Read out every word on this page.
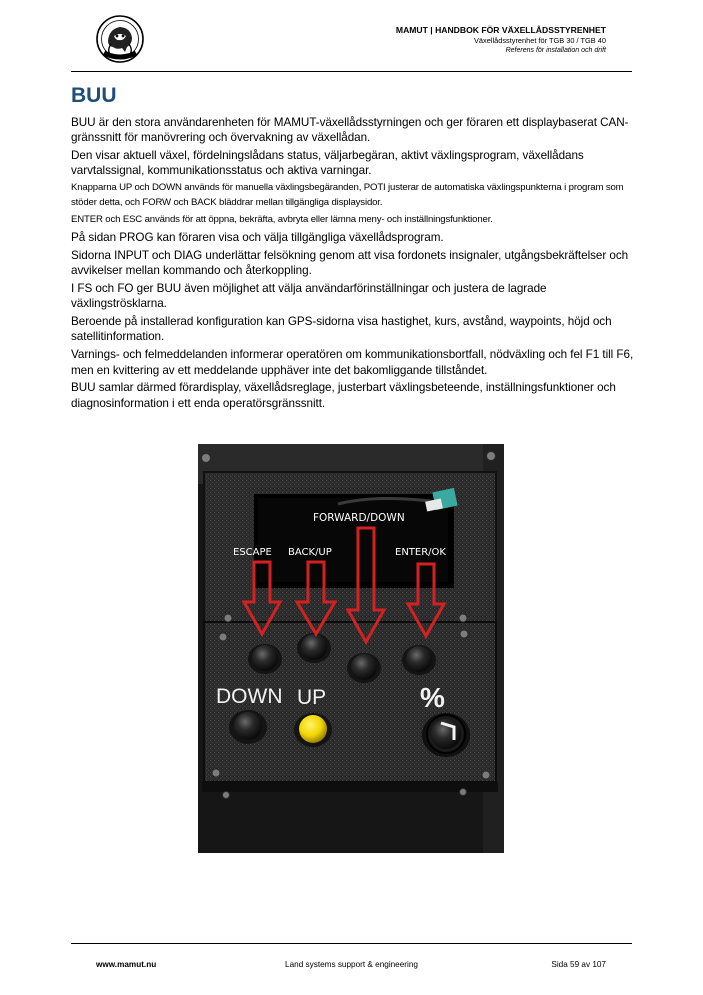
MAMUT | HANDBOK FÖR VÄXELLÅDSSTYRENHET
Växellådsstyrenhet för TGB 30 / TGB 40
Referens för installation och drift
BUU

BUU är den stora användarenheten för MAMUT-växellådsstyrningen och ger föraren ett displaybaserat CAN-gränssnitt för manövrering och övervakning av växellådan.

Den visar aktuell växel, fördelningslådans status, väljarbegäran, aktivt växlingsprogram, växellådans varvtalssignal, kommunikationsstatus och aktiva varningar.

Knapparna UP och DOWN används för manuella växlingsbegäranden, POTI justerar de automatiska växlingspunkterna i program som stöder detta, och FORW och BACK bläddrar mellan tillgängliga displaysidor.

ENTER och ESC används för att öppna, bekräfta, avbryta eller lämna meny- och inställningsfunktioner.

På sidan PROG kan föraren visa och välja tillgängliga växellådsprogram.

Sidorna INPUT och DIAG underlättar felsökning genom att visa fordonets insignaler, utgångsbekräftelser och avvikelser mellan kommando och återkoppling.

I FS och FO ger BUU även möjlighet att välja användarförinställningar och justera de lagrade växlingströsklarna.

Beroende på installerad konfiguration kan GPS-sidorna visa hastighet, kurs, avstånd, waypoints, höjd och satellitinformation.

Varnings- och felmeddelanden informerar operatören om kommunikationsbortfall, nödväxling och fel F1 till F6, men en kvittering av ett meddelande upphäver inte det bakomliggande tillståndet.

BUU samlar därmed förardisplay, växellådsreglage, justerbart växlingsbeteende, inställningsfunktioner och diagnosinformation i ett enda operatörsgränssnitt.

DOWN UP	%
FORWARD/DOWN
ESCAPE BACK/UP	ENTER/OK
www.mamut.nu	Land systems support & engineering	Sida 59 av 107
